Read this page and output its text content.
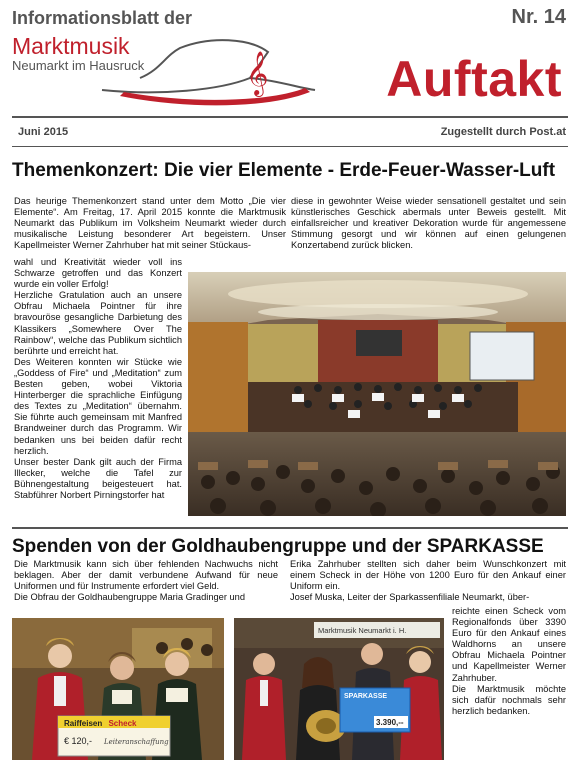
Informationsblatt der	Nr. 14
Marktmusik
Neumarkt im Hausruck	𝄞 Auftakt
Juni 2015	Zugestellt durch Post.at
Themenkonzert: Die vier Elemente - Erde-Feuer-Wasser-Luft
Das heurige Themenkonzert stand unter dem Motto „Die vier Elemente“. Am Freitag, 17. April 2015 konnte die Marktmusik Neumarkt das Publikum im Volksheim Neumarkt wieder durch musikalische Leistung besonderer Art begeistern. Unser Kapellmeister Werner Zahrhuber hat mit seiner Stückaus-

wahl und Kreativität wieder voll ins Schwarze getroffen und das Konzert wurde ein voller Erfolg!

Herzliche Gratulation auch an unsere Obfrau Michaela Pointner für ihre bravouröse gesangliche Darbietung des Klassikers „Somewhere Over The Rainbow“, welche das Publikum sichtlich berührte und erreicht hat.

Des Weiteren konnten wir Stücke wie „Goddess of Fire“ und „Meditation“ zum Besten geben, wobei Viktoria Hinterberger die sprachliche Einfügung des Textes zu „Meditation“ übernahm. Sie führte auch gemeinsam mit Manfred Brandweiner durch das Programm. Wir bedanken uns bei beiden dafür recht herzlich.

Unser bester Dank gilt auch der Firma Illecker, welche die Tafel zur Bühnengestaltung beigesteuert hat. Stabführer Norbert Pirningstorfer hat

diese in gewohnter Weise wieder sensationell gestaltet und sein künstlerisches Geschick abermals unter Beweis gestellt. Mit einfallsreicher und kreativer Dekoration wurde für angemessene Stimmung gesorgt und wir können auf einen gelungenen Konzertabend zurück blicken.
Spenden von der Goldhaubengruppe und der SPARKASSE

Die Marktmusik kann sich über fehlenden Nachwuchs nicht beklagen. Aber der damit verbundene Aufwand für neue Uniformen und für Instrumente erfordert viel Geld.

Die Obfrau der Goldhaubengruppe Maria Gradinger und

Erika Zahrhuber stellten sich daher beim Wunschkonzert mit einem Scheck in der Höhe von 1200 Euro für den Ankauf einer Uniform ein.

Josef Muska, Leiter der Sparkassenfiliale Neumarkt, über-

reichte einen Scheck vom Regionalfonds über 3390 Euro für den Ankauf eines Waldhorns an unsere Obfrau Michaela Pointner und Kapellmeister Werner Zahrhuber.

Die Marktmusik möchte sich dafür nochmals sehr herzlich bedanken.

Raiffeisen Scheck
€ 120,- Leiteranschaffung
Marktmusik Neumarkt i. H.
SPARKASSE
3.390,--
